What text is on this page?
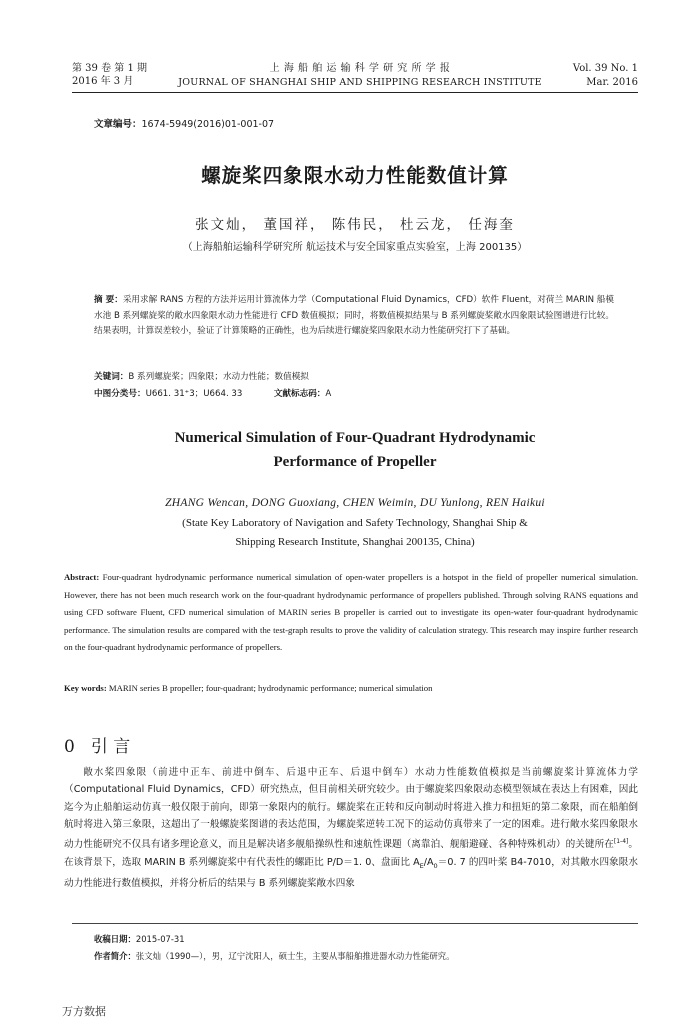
第 39 卷 第 1 期
2016 年 3 月
上 海 船 舶 运 输 科 学 研 究 所 学 报
JOURNAL OF SHANGHAI SHIP AND SHIPPING RESEARCH INSTITUTE
Vol. 39 No. 1
Mar. 2016
文章编号：1674-5949(2016)01-001-07
螺旋桨四象限水动力性能数值计算
张文灿， 董国祥， 陈伟民， 杜云龙， 任海奎
（上海船舶运输科学研究所 航运技术与安全国家重点实验室，上海 200135）
摘 要：采用求解 RANS 方程的方法并运用计算流体力学（Computational Fluid Dynamics，CFD）软件 Fluent，对荷兰 MARIN 船模水池 B 系列螺旋桨的敞水四象限水动力性能进行 CFD 数值模拟；同时，将数值模拟结果与 B 系列螺旋桨敞水四象限试验图谱进行比较。结果表明，计算误差较小，验证了计算策略的正确性，也为后续进行螺旋桨四象限水动力性能研究打下了基础。
关键词：B 系列螺旋桨；四象限；水动力性能；数值模拟
中图分类号：U661. 31⁺3；U664. 33	文献标志码：A
Numerical Simulation of Four-Quadrant Hydrodynamic
Performance of Propeller
ZHANG Wencan, DONG Guoxiang, CHEN Weimin, DU Yunlong, REN Haikui
(State Key Laboratory of Navigation and Safety Technology, Shanghai Ship &
Shipping Research Institute, Shanghai 200135, China)
Abstract: Four-quadrant hydrodynamic performance numerical simulation of open-water propellers is a hotspot in the field of propeller numerical simulation. However, there has not been much research work on the four-quadrant hydrodynamic performance of propellers published. Through solving RANS equations and using CFD software Fluent, CFD numerical simulation of MARIN series B propeller is carried out to investigate its open-water four-quadrant hydrodynamic performance. The simulation results are compared with the test-graph results to prove the validity of calculation strategy. This research may inspire further research on the four-quadrant hydrodynamic performance of propellers.
Key words: MARIN series B propeller; four-quadrant; hydrodynamic performance; numerical simulation
0 引 言

敞水桨四象限（前进中正车、前进中倒车、后退中正车、后退中倒车）水动力性能数值模拟是当前螺旋桨计算流体力学（Computational Fluid Dynamics，CFD）研究热点，但目前相关研究较少。由于螺旋桨四象限动态模型领域在表达上有困难，因此迄今为止船舶运动仿真一般仅限于前向，即第一象限内的航行。螺旋桨在正转和反向制动时将进入推力和扭矩的第二象限，而在船舶倒航时将进入第三象限，这超出了一般螺旋桨图谱的表达范围，为螺旋桨逆转工况下的运动仿真带来了一定的困难。进行敞水桨四象限水动力性能研究不仅具有诸多理论意义，而且是解决诸多舰船操纵性和速航性课题（离靠泊、舰船避碰、各种特殊机动）的关键所在[1-4]。在该背景下，选取 MARIN B 系列螺旋桨中有代表性的螺距比 P/D＝1. 0、盘面比 $A_E/A_0=0$. 7 的四叶桨 B4-7010，对其敞水四象限水动力性能进行数值模拟，并将分析后的结果与 B 系列螺旋桨敞水四象

收稿日期：2015-07-31
作者简介：张文灿（1990—），男，辽宁沈阳人，硕士生，主要从事船舶推进器水动力性能研究。
万方数据
